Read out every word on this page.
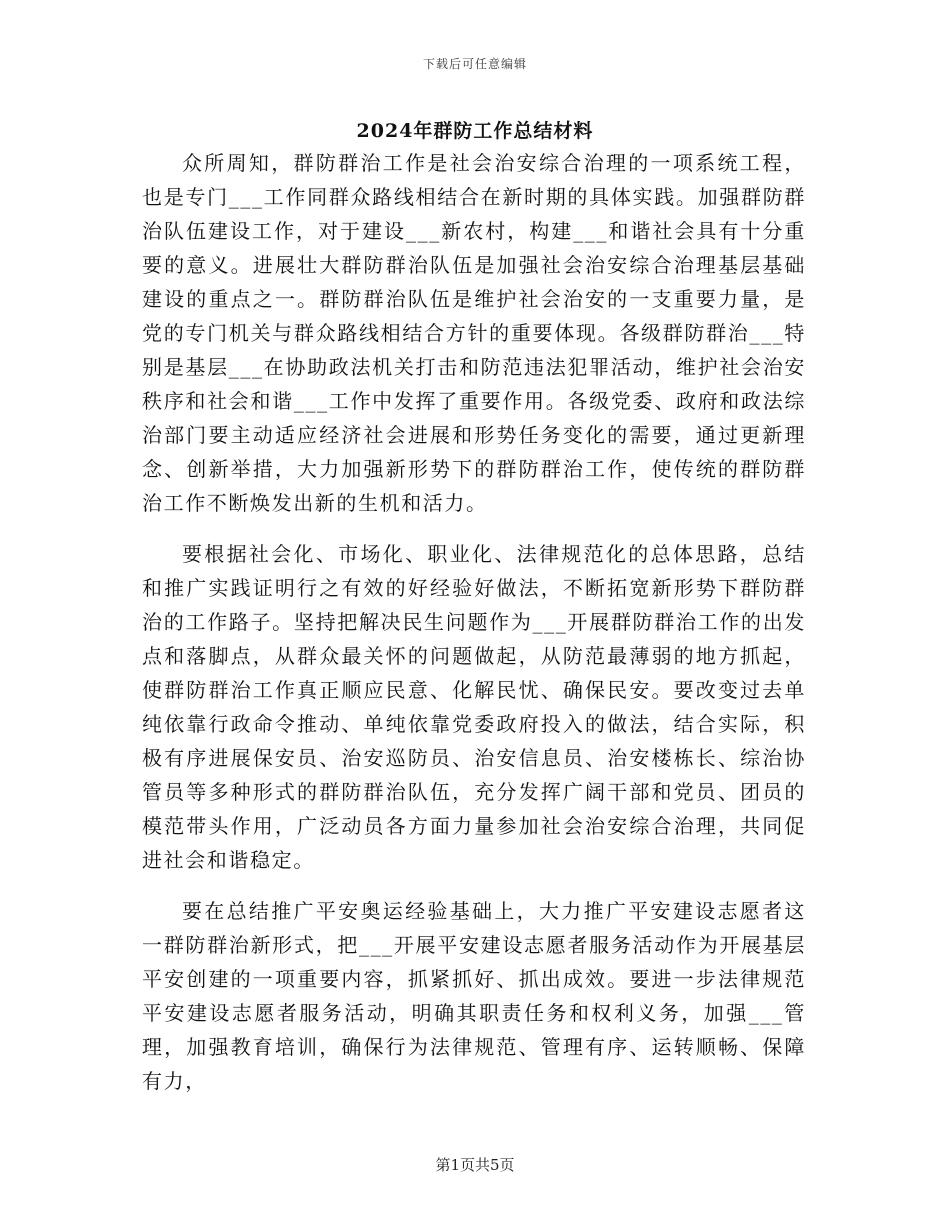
下载后可任意编辑
2024年群防工作总结材料

众所周知，群防群治工作是社会治安综合治理的一项系统工程，也是专门___工作同群众路线相结合在新时期的具体实践。加强群防群治队伍建设工作，对于建设___新农村，构建___和谐社会具有十分重要的意义。进展壮大群防群治队伍是加强社会治安综合治理基层基础建设的重点之一。群防群治队伍是维护社会治安的一支重要力量，是党的专门机关与群众路线相结合方针的重要体现。各级群防群治___特别是基层___在协助政法机关打击和防范违法犯罪活动，维护社会治安秩序和社会和谐___工作中发挥了重要作用。各级党委、政府和政法综治部门要主动适应经济社会进展和形势任务变化的需要，通过更新理念、创新举措，大力加强新形势下的群防群治工作，使传统的群防群治工作不断焕发出新的生机和活力。

要根据社会化、市场化、职业化、法律规范化的总体思路，总结和推广实践证明行之有效的好经验好做法，不断拓宽新形势下群防群治的工作路子。坚持把解决民生问题作为___开展群防群治工作的出发点和落脚点，从群众最关怀的问题做起，从防范最薄弱的地方抓起，使群防群治工作真正顺应民意、化解民忧、确保民安。要改变过去单纯依靠行政命令推动、单纯依靠党委政府投入的做法，结合实际，积极有序进展保安员、治安巡防员、治安信息员、治安楼栋长、综治协管员等多种形式的群防群治队伍，充分发挥广阔干部和党员、团员的模范带头作用，广泛动员各方面力量参加社会治安综合治理，共同促进社会和谐稳定。

要在总结推广平安奥运经验基础上，大力推广平安建设志愿者这一群防群治新形式，把___开展平安建设志愿者服务活动作为开展基层平安创建的一项重要内容，抓紧抓好、抓出成效。要进一步法律规范平安建设志愿者服务活动，明确其职责任务和权利义务，加强___管理，加强教育培训，确保行为法律规范、管理有序、运转顺畅、保障有力，

第1页共5页
